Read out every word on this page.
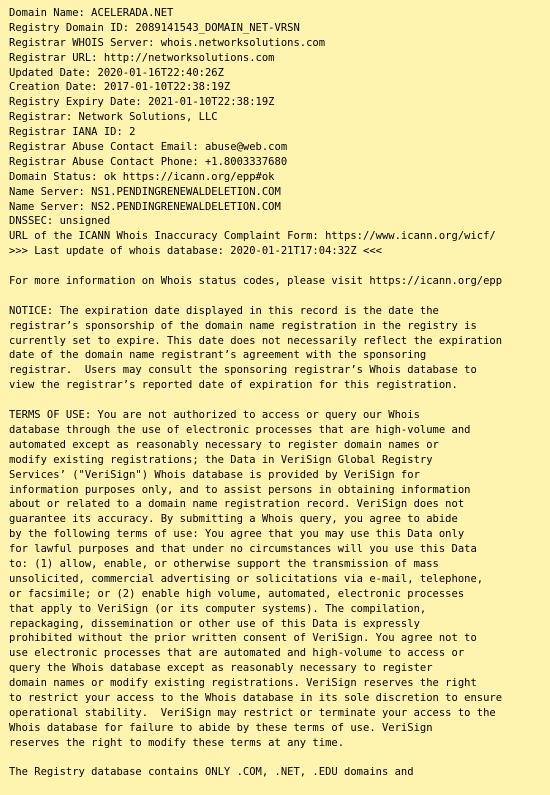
Domain Name: ACELERADA.NET
Registry Domain ID: 2089141543_DOMAIN_NET-VRSN
Registrar WHOIS Server: whois.networksolutions.com
Registrar URL: http://networksolutions.com
Updated Date: 2020-01-16T22:40:26Z
Creation Date: 2017-01-10T22:38:19Z
Registry Expiry Date: 2021-01-10T22:38:19Z
Registrar: Network Solutions, LLC
Registrar IANA ID: 2
Registrar Abuse Contact Email: abuse@web.com
Registrar Abuse Contact Phone: +1.8003337680
Domain Status: ok https://icann.org/epp#ok
Name Server: NS1.PENDINGRENEWALDELETION.COM
Name Server: NS2.PENDINGRENEWALDELETION.COM
DNSSEC: unsigned
URL of the ICANN Whois Inaccuracy Complaint Form: https://www.icann.org/wicf/
>>> Last update of whois database: 2020-01-21T17:04:32Z <<<
For more information on Whois status codes, please visit https://icann.org/epp
NOTICE: The expiration date displayed in this record is the date the
registrar’s sponsorship of the domain name registration in the registry is
currently set to expire. This date does not necessarily reflect the expiration
date of the domain name registrant’s agreement with the sponsoring
registrar.  Users may consult the sponsoring registrar’s Whois database to
view the registrar’s reported date of expiration for this registration.
TERMS OF USE: You are not authorized to access or query our Whois
database through the use of electronic processes that are high-volume and
automated except as reasonably necessary to register domain names or
modify existing registrations; the Data in VeriSign Global Registry
Services’ ("VeriSign") Whois database is provided by VeriSign for
information purposes only, and to assist persons in obtaining information
about or related to a domain name registration record. VeriSign does not
guarantee its accuracy. By submitting a Whois query, you agree to abide
by the following terms of use: You agree that you may use this Data only
for lawful purposes and that under no circumstances will you use this Data
to: (1) allow, enable, or otherwise support the transmission of mass
unsolicited, commercial advertising or solicitations via e-mail, telephone,
or facsimile; or (2) enable high volume, automated, electronic processes
that apply to VeriSign (or its computer systems). The compilation,
repackaging, dissemination or other use of this Data is expressly
prohibited without the prior written consent of VeriSign. You agree not to
use electronic processes that are automated and high-volume to access or
query the Whois database except as reasonably necessary to register
domain names or modify existing registrations. VeriSign reserves the right
to restrict your access to the Whois database in its sole discretion to ensure
operational stability.  VeriSign may restrict or terminate your access to the
Whois database for failure to abide by these terms of use. VeriSign
reserves the right to modify these terms at any time.
The Registry database contains ONLY .COM, .NET, .EDU domains and
